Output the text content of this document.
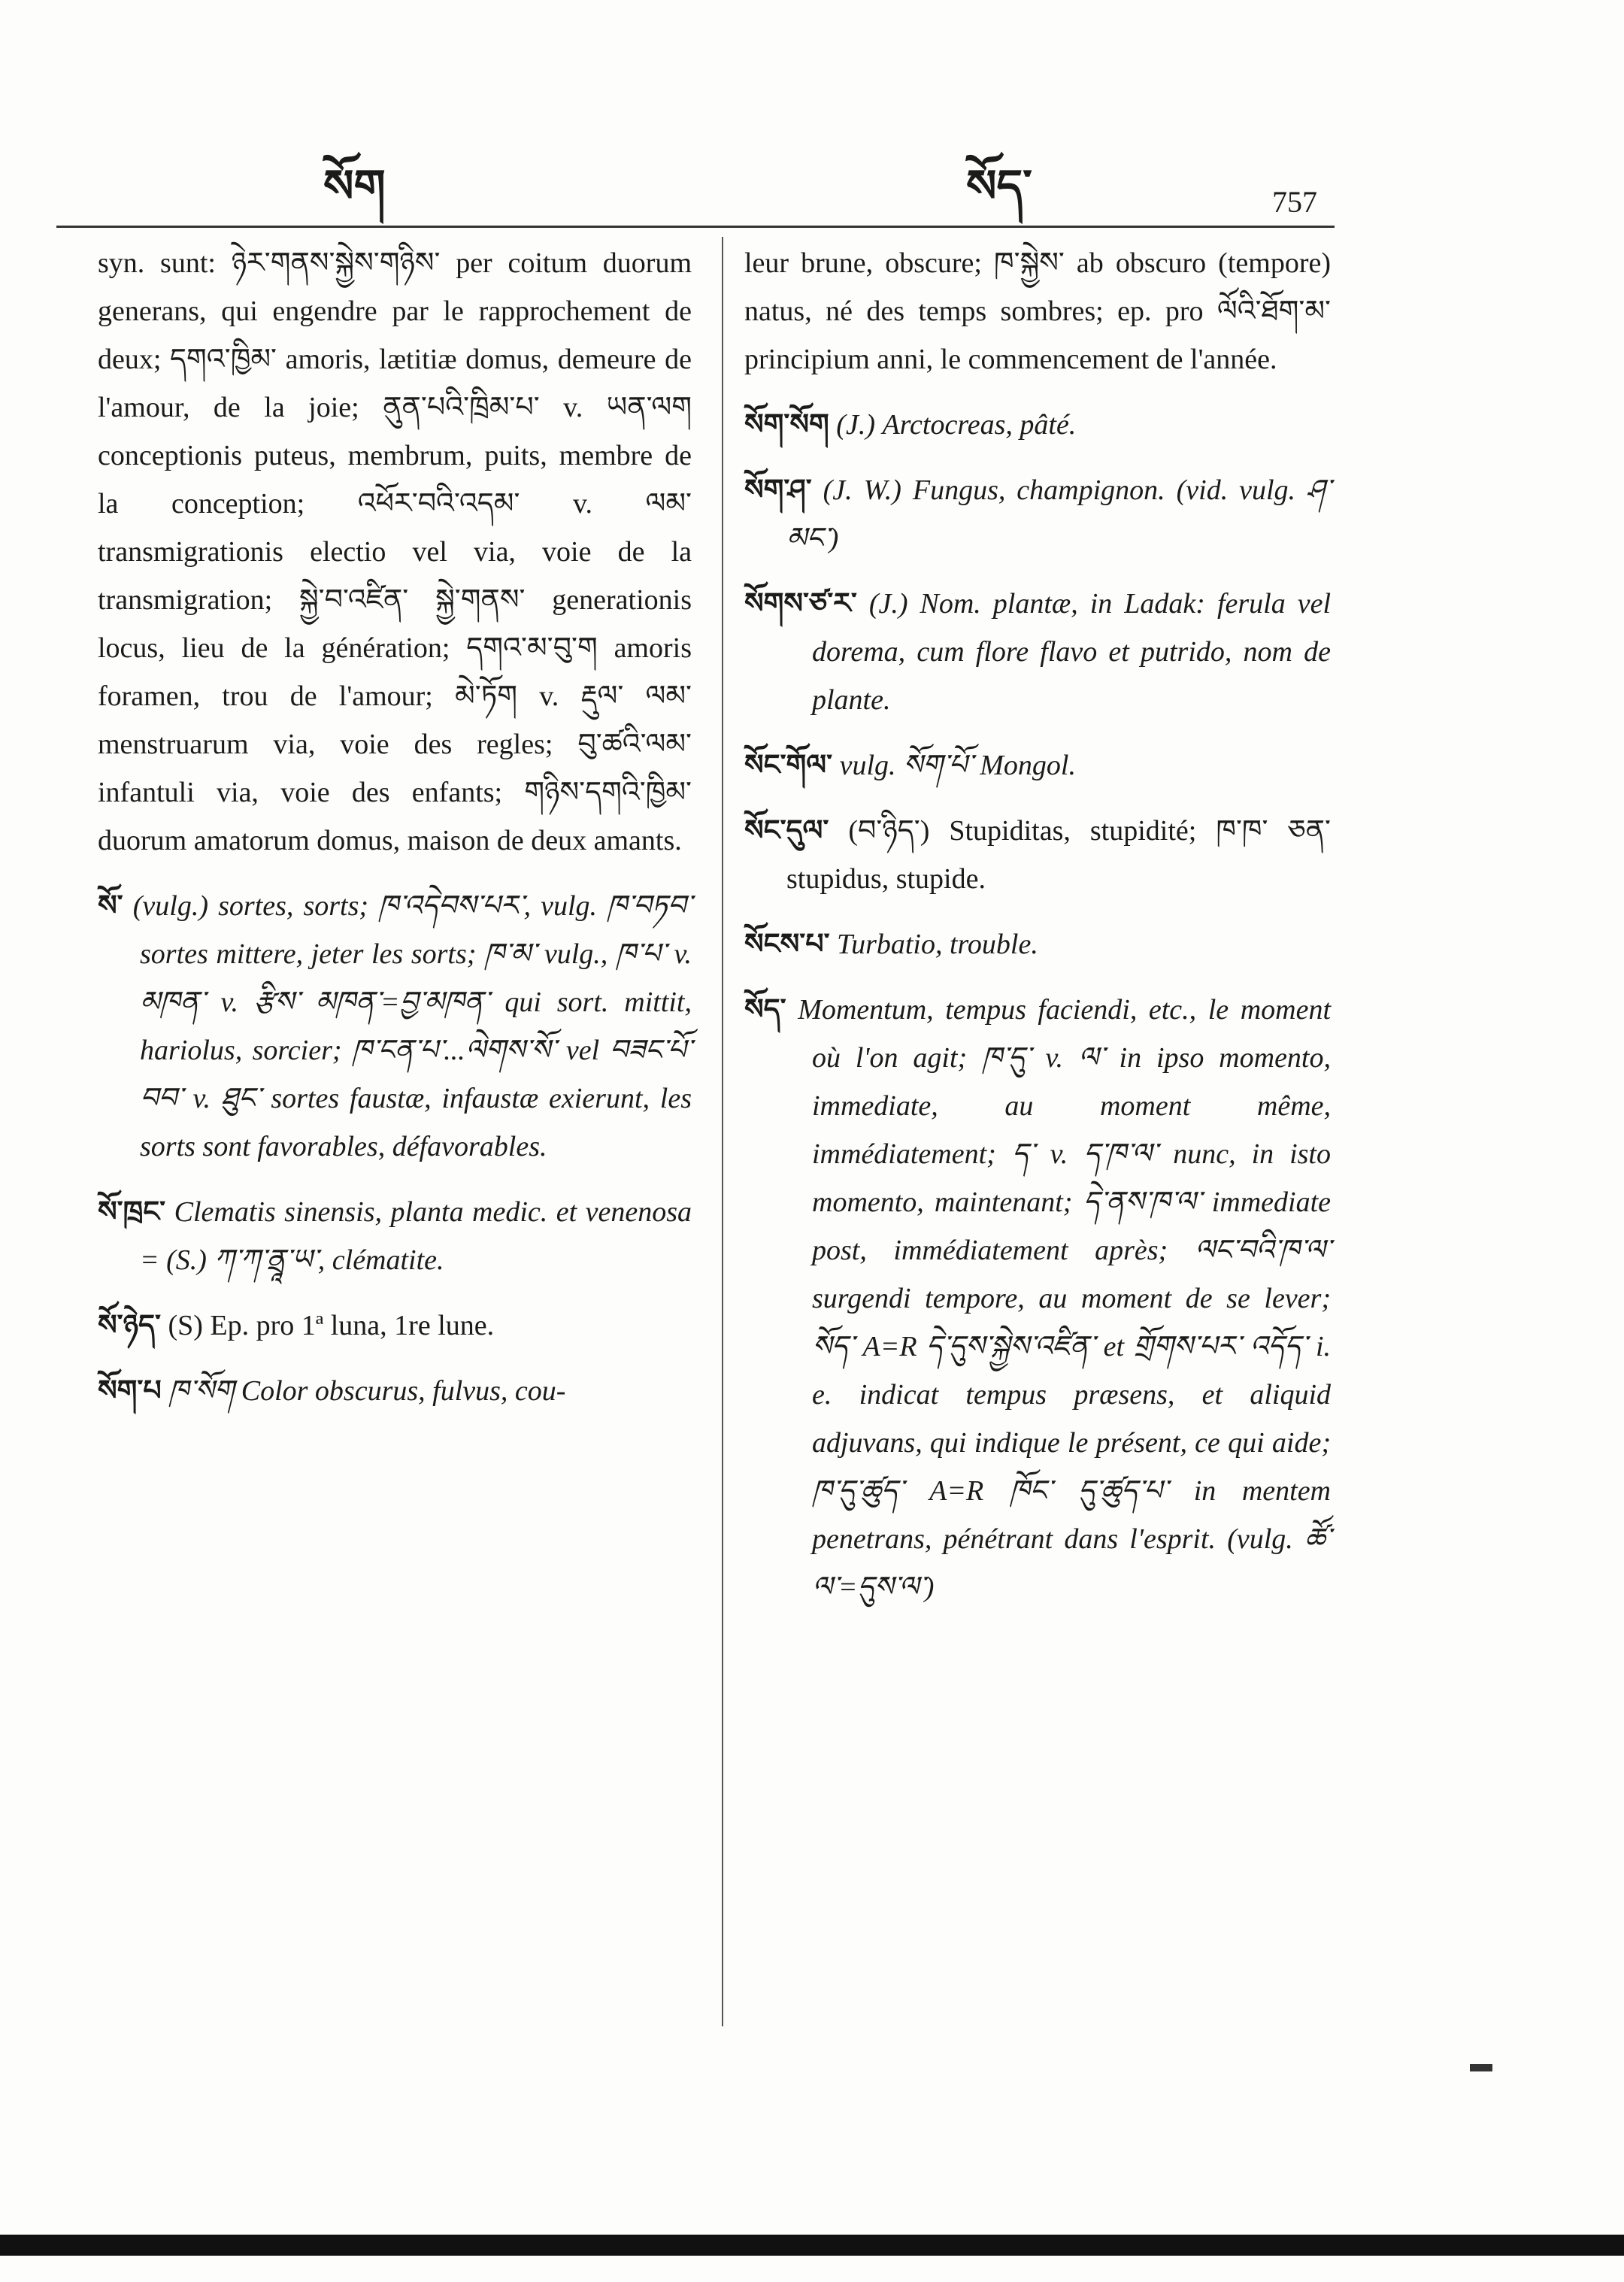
སོག	སོད་	757

syn. sunt: ཉེར་གནས་སྐྱེས་གཉིས་ per coitum duorum generans, qui engendre par le rapprochement de deux; དགའ་ཁྱིམ་ amoris, lætitiæ domus, demeure de l'amour, de la joie; ནུན་པའི་ཁྲིམ་པ་ v. ཡན་ལག conceptionis puteus, membrum, puits, membre de la conception; འཕོར་བའི་འདམ་ v. ལམ་ transmigrationis electio vel via, voie de la transmigration; སྐྱེ་བ་འཛིན་ སྐྱེ་གནས་ generationis locus, lieu de la génération; དགའ་མ་བུ་ག amoris foramen, trou de l'amour; མེ་ཏོག v. རྡུལ་ ལམ་ menstruarum via, voie des regles; བུ་ཚའི་ལམ་ infantuli via, voie des enfants; གཉིས་དགའི་ཁྱིམ་ duorum amatorum domus, maison de deux amants.

སོ་ (vulg.) sortes, sorts; ཁ་འདེབས་པར་, vulg. ཁ་བཏབ་ sortes mittere, jeter les sorts; ཁ་མ་ vulg., ཁ་པ་ v. མཁན་ v. རྩིས་ མཁན་=བྱ་མཁན་ qui sort. mittit, hariolus, sorcier; ཁ་ངན་པ་...ལེགས་སོ་ vel བཟང་པོ་བབ་ v. ཐུང་ sortes faustæ, infaustæ exierunt, les sorts sont favorables, défavorables.

སོ་ཁྲང་ Clematis sinensis, planta medic. et venenosa = (S.) ཀ་ཀ་ནྲཱ་ཡ་, clématite.

སོ་ཉེད་ (S) Ep. pro 1ª luna, 1re lune.

སོག་པ ཁ་སོག Color obscurus, fulvus, cou-

leur brune, obscure; ཁ་སྐྱེས་ ab obscuro (tempore) natus, né des temps sombres; ep. pro ལོའི་ཐོག་མ་ principium anni, le commencement de l'année.

སོག་སོག (J.) Arctocreas, pâté.

སོག་ཤ་ (J. W.) Fungus, champignon. (vid. vulg. ཤ་མང་)

སོགས་ཙ་ར་ (J.) Nom. plantæ, in Ladak: ferula vel dorema, cum flore flavo et putrido, nom de plante.

སོང་གོལ་ vulg. སོག་པོ་ Mongol.

སོང་དུལ་ (བ་ཉིད་) Stupiditas, stupidité; ཁ་ཁ་ ཅན་ stupidus, stupide.

སོངས་པ་ Turbatio, trouble.

སོད་ Momentum, tempus faciendi, etc., le moment où l'on agit; ཁ་དུ་ v. ལ་ in ipso momento, immediate, au moment même, immédiatement; ད་ v. ད་ཁ་ལ་ nunc, in isto momento, maintenant; དེ་ནས་ཁ་ལ་ immediate post, immédiatement après; ལང་བའི་ཁ་ལ་ surgendi tempore, au moment de se lever; སོད་ A=R དེ་དུས་སྐྱེས་འཛིན་ et གྲོགས་པར་ འདོད་ i. e. indicat tempus præsens, et aliquid adjuvans, qui indique le présent, ce qui aide; ཁ་དུ་ཚུད་ A=R ཁོང་ དུ་ཚུད་པ་ in mentem penetrans, pénétrant dans l'esprit. (vulg. ཚོ་ལ་=དུས་ལ་)
